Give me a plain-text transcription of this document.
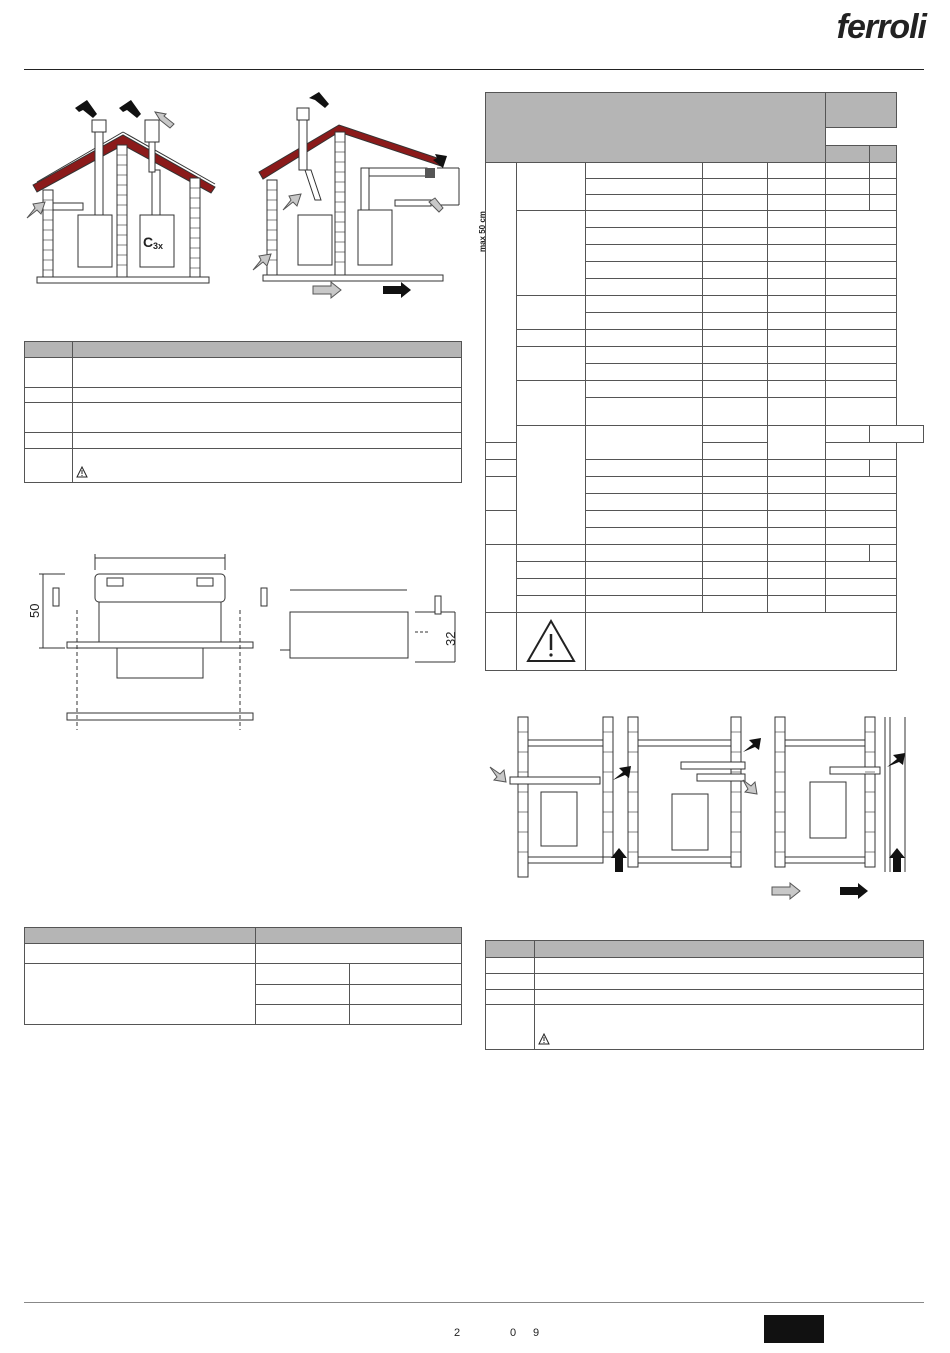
ferroli
C 3x	max 50 cm

50
32

2	0 9
